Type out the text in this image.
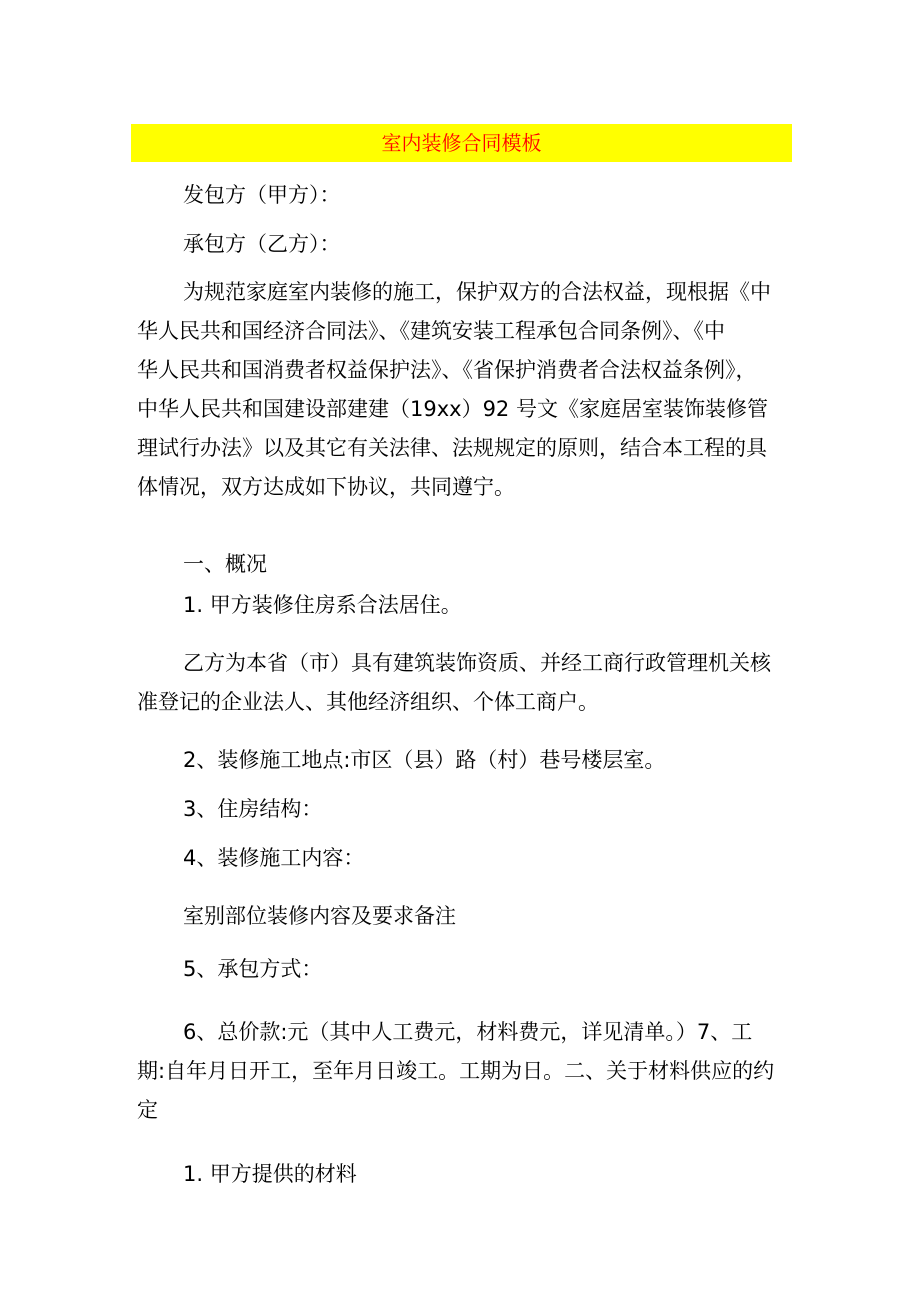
室内装修合同模板

发包方（甲方）：

承包方（乙方）：

为规范家庭室内装修的施工，保护双方的合法权益，现根据《中
华人民共和国经济合同法》、《建筑安装工程承包合同条例》、《中
华人民共和国消费者权益保护法》、《省保护消费者合法权益条例》，
中华人民共和国建设部建建（19xx）92 号文《家庭居室装饰装修管
理试行办法》以及其它有关法律、法规规定的原则，结合本工程的具
体情况，双方达成如下协议，共同遵宁。

一、概况

1. 甲方装修住房系合法居住。

乙方为本省（市）具有建筑装饰资质、并经工商行政管理机关核
准登记的企业法人、其他经济组织、个体工商户。

2、装修施工地点:市区（县）路（村）巷号楼层室。

3、住房结构：

4、装修施工内容：

室别部位装修内容及要求备注

5、承包方式：

6、总价款:元（其中人工费元，材料费元，详见清单。）7、工
期:自年月日开工，至年月日竣工。工期为日。二、关于材料供应的约
定

1. 甲方提供的材料
